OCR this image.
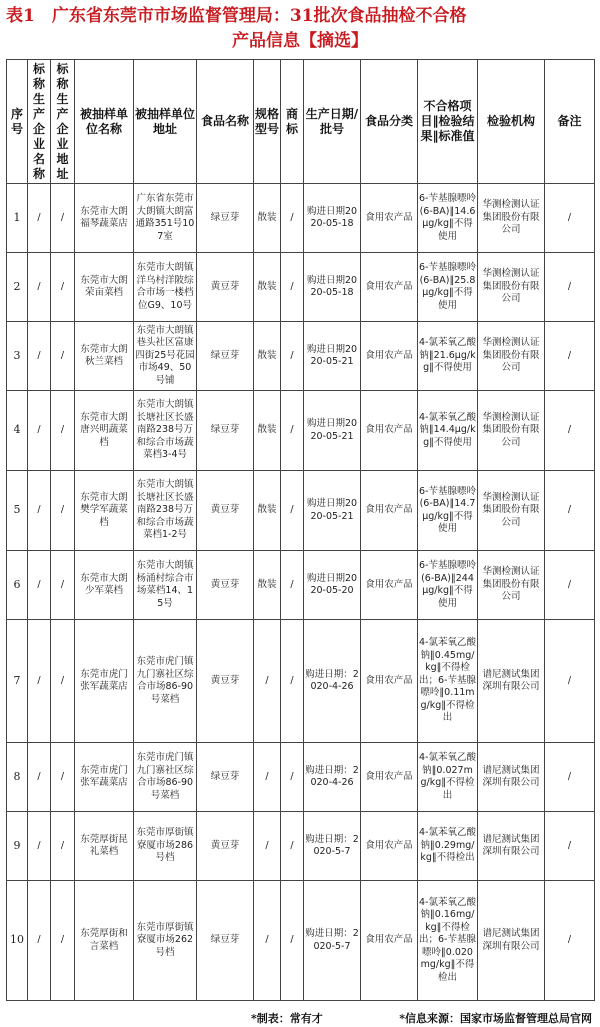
表1　广东省东莞市市场监督管理局：31批次食品抽检不合格
产品信息【摘选】
序号	标称生产企业名称	标称生产企业地址	被抽样单位名称	被抽样单位地址	食品名称	规格型号	商标	生产日期/批号	食品分类	不合格项目‖检验结果‖标准值	检验机构	备注
1	/	/	东莞市大朗福琴蔬菜店	广东省东莞市大朗镇大朗富通路351号107室	绿豆芽	散装	/	购进日期2020-05-18	食用农产品	6-苄基腺嘌呤(6-BA)‖14.6μg/kg‖不得使用	华测检测认证集团股份有限公司	/
2	/	/	东莞市大朗荣亩菜档	东莞市大朗镇洋乌村洋陂综合市场一楼档位G9、10号	黄豆芽	散装	/	购进日期2020-05-18	食用农产品	6-苄基腺嘌呤(6-BA)‖25.8μg/kg‖不得使用	华测检测认证集团股份有限公司	/
3	/	/	东莞市大朗秋兰菜档	东莞市大朗镇巷头社区富康四街25号花园市场49、50号铺	绿豆芽	散装	/	购进日期2020-05-21	食用农产品	4-氯苯氧乙酸钠‖21.6μg/kg‖不得使用	华测检测认证集团股份有限公司	/
4	/	/	东莞市大朗唐兴明蔬菜档	东莞市大朗镇长塘社区长盛南路238号万和综合市场蔬菜档3-4号	绿豆芽	散装	/	购进日期2020-05-21	食用农产品	4-氯苯氧乙酸钠‖14.4μg/kg‖不得使用	华测检测认证集团股份有限公司	/
5	/	/	东莞市大朗樊学军蔬菜档	东莞市大朗镇长塘社区长盛南路238号万和综合市场蔬菜档1-2号	黄豆芽	散装	/	购进日期2020-05-21	食用农产品	6-苄基腺嘌呤(6-BA)‖14.7μg/kg‖不得使用	华测检测认证集团股份有限公司	/
6	/	/	东莞市大朗少军菜档	东莞市大朗镇杨涌村综合市场菜档14、15号	黄豆芽	散装	/	购进日期2020-05-20	食用农产品	6-苄基腺嘌呤(6-BA)‖244μg/kg‖不得使用	华测检测认证集团股份有限公司	/
7	/	/	东莞市虎门张军蔬菜店	东莞市虎门镇九门寨社区综合市场86-90号菜档	黄豆芽	/	/	购进日期：2020-4-26	食用农产品	4-氯苯氧乙酸钠‖0.45mg/kg‖不得检出；6-苄基腺嘌呤‖0.11mg/kg‖不得检出	谱尼测试集团深圳有限公司	/
8	/	/	东莞市虎门张军蔬菜店	东莞市虎门镇九门寨社区综合市场86-90号菜档	绿豆芽	/	/	购进日期：2020-4-26	食用农产品	4-氯苯氧乙酸钠‖0.027mg/kg‖不得检出	谱尼测试集团深圳有限公司	/
9	/	/	东莞厚街昆礼菜档	东莞市厚街镇寮厦市场286号档	黄豆芽	/	/	购进日期：2020-5-7	食用农产品	4-氯苯氧乙酸钠‖0.29mg/kg‖不得检出	谱尼测试集团深圳有限公司	/
10	/	/	东莞厚街和言菜档	东莞市厚街镇寮厦市场262号档	绿豆芽	/	/	购进日期：2020-5-7	食用农产品	4-氯苯氧乙酸钠‖0.16mg/kg‖不得检出；6-苄基腺嘌呤‖0.020mg/kg‖不得检出	谱尼测试集团深圳有限公司	/
*制表：常有才	*信息来源：国家市场监督管理总局官网
